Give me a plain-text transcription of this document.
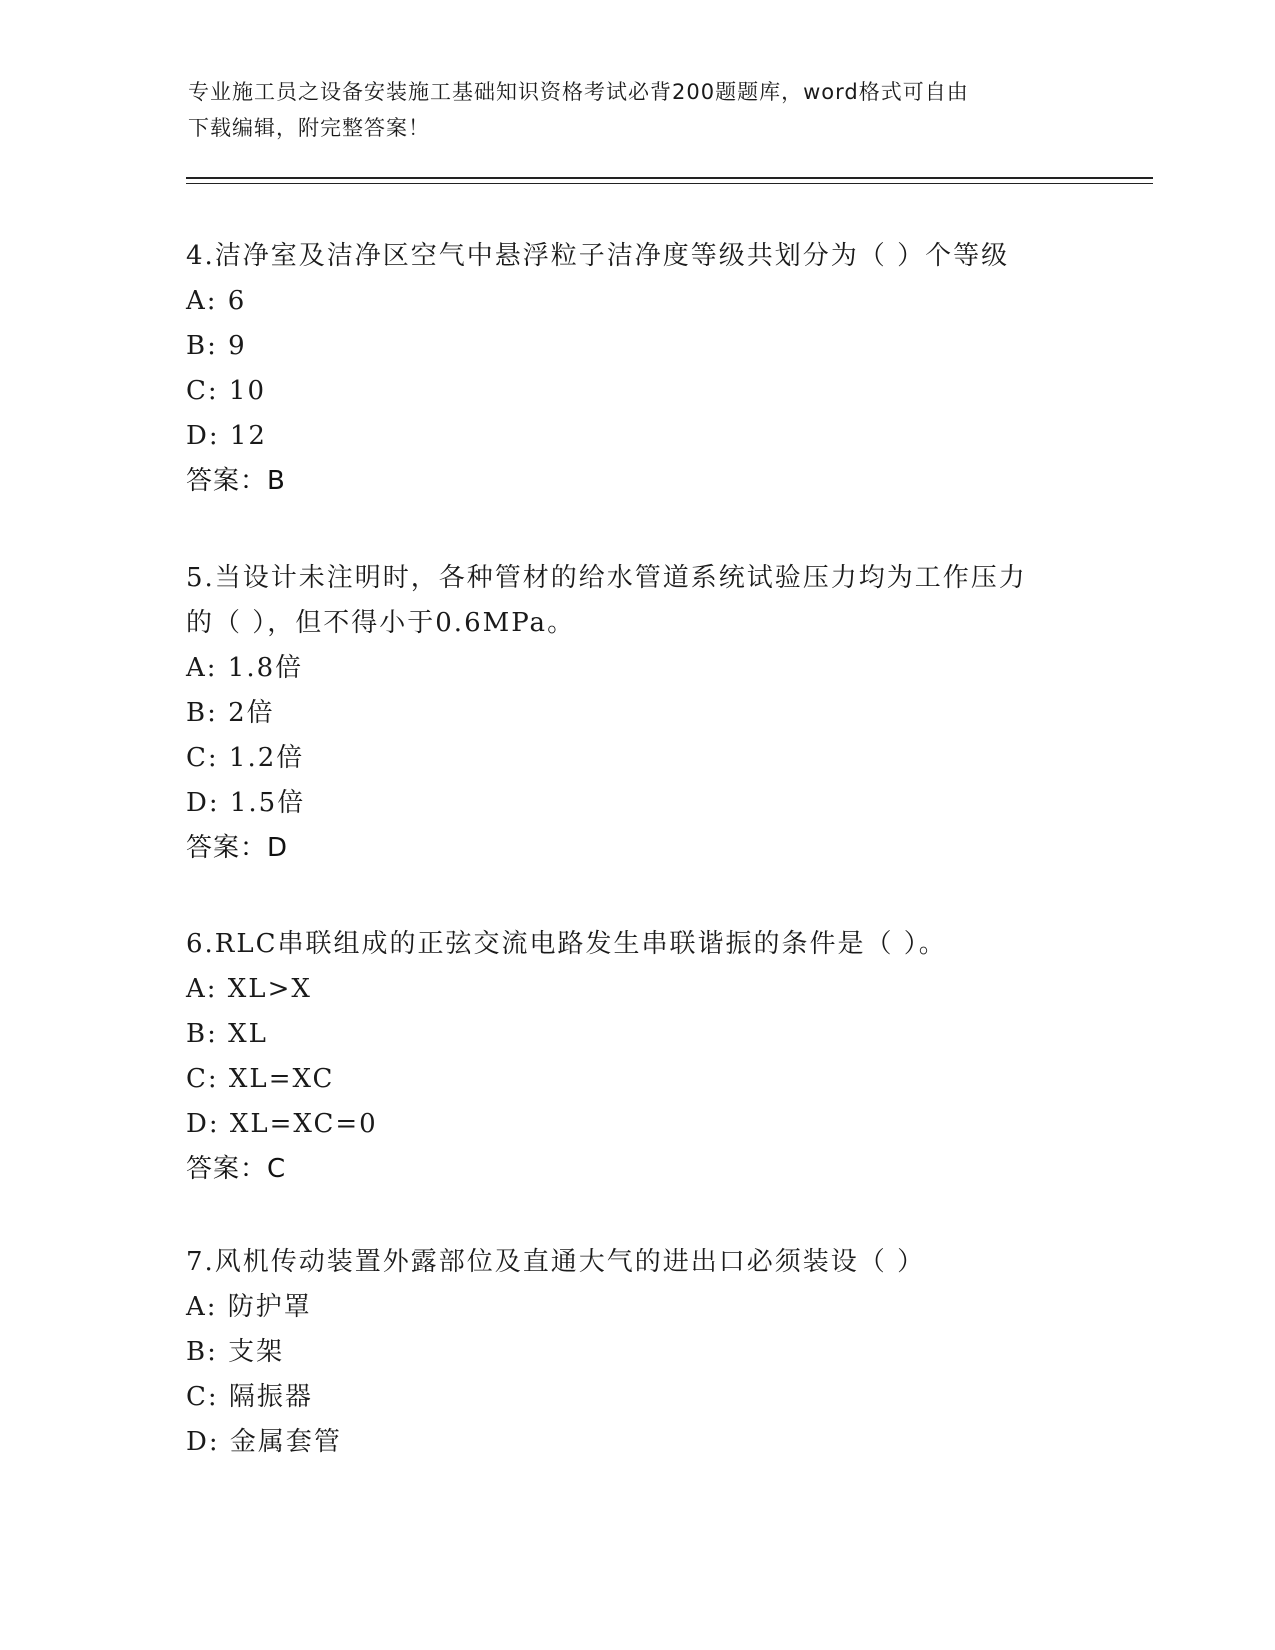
专业施工员之设备安装施工基础知识资格考试必背200题题库，word格式可自由
下载编辑，附完整答案！

4.洁净室及洁净区空气中悬浮粒子洁净度等级共划分为（ ）个等级

A: 6

B: 9

C: 10

D: 12

答案：B

5.当设计未注明时，各种管材的给水管道系统试验压力均为工作压力

的（ ），但不得小于0.6MPa。

A: 1.8倍

B: 2倍

C: 1.2倍

D: 1.5倍

答案：D

6.RLC串联组成的正弦交流电路发生串联谐振的条件是（ ）。

A: XL>X

B: XL

C: XL=XC

D: XL=XC=0

答案：C

7.风机传动装置外露部位及直通大气的进出口必须装设（ ）

A: 防护罩

B: 支架

C: 隔振器

D: 金属套管
